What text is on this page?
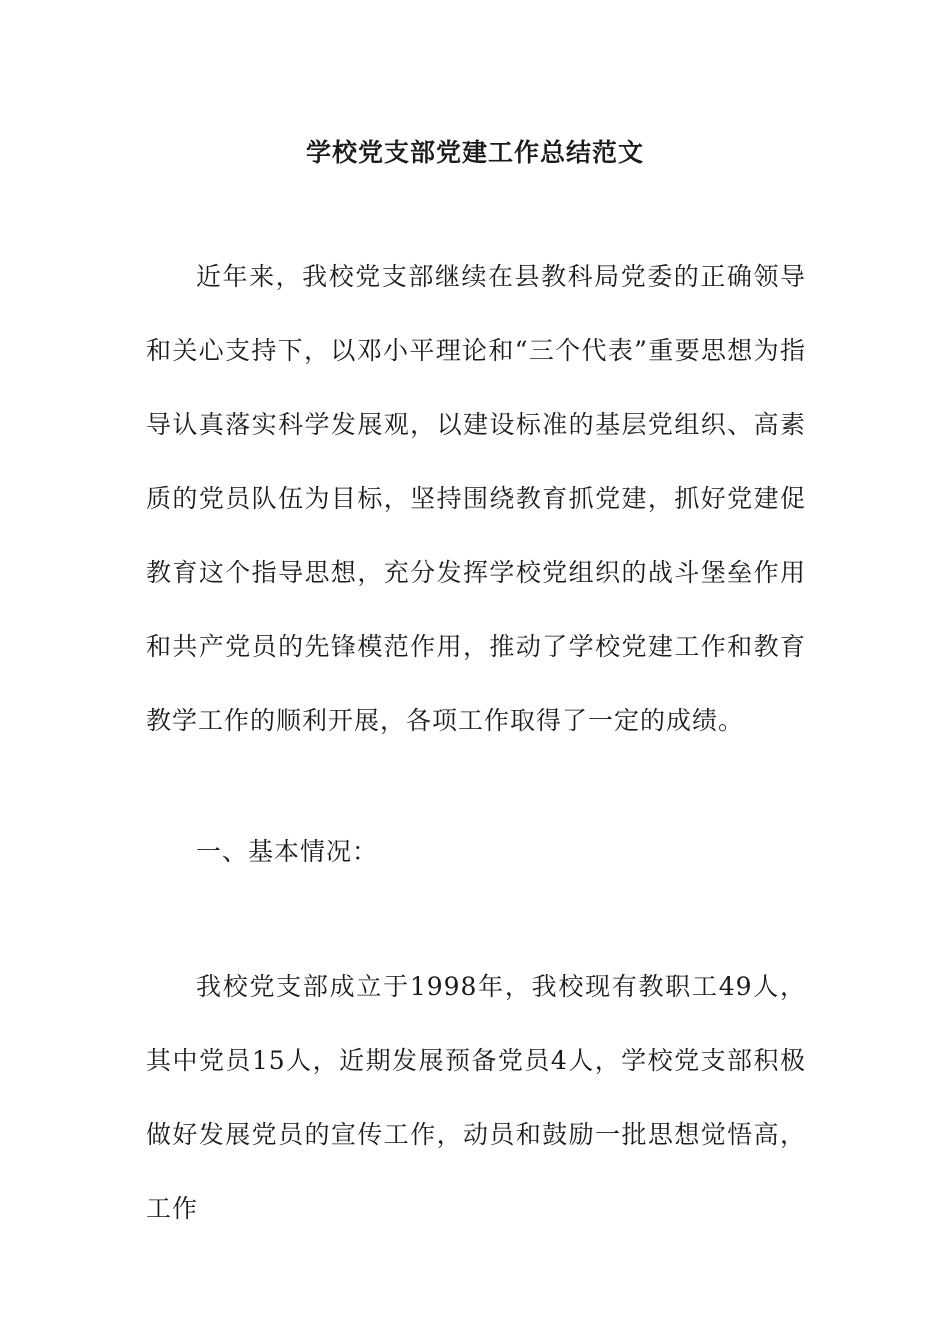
学校党支部党建工作总结范文

近年来，我校党支部继续在县教科局党委的正确领导和关心支持下，以邓小平理论和“三个代表”重要思想为指导认真落实科学发展观，以建设标准的基层党组织、高素质的党员队伍为目标，坚持围绕教育抓党建，抓好党建促教育这个指导思想，充分发挥学校党组织的战斗堡垒作用和共产党员的先锋模范作用，推动了学校党建工作和教育教学工作的顺利开展，各项工作取得了一定的成绩。

一、基本情况：

我校党支部成立于1998年，我校现有教职工49人，其中党员15人，近期发展预备党员4人，学校党支部积极做好发展党员的宣传工作，动员和鼓励一批思想觉悟高，工作
